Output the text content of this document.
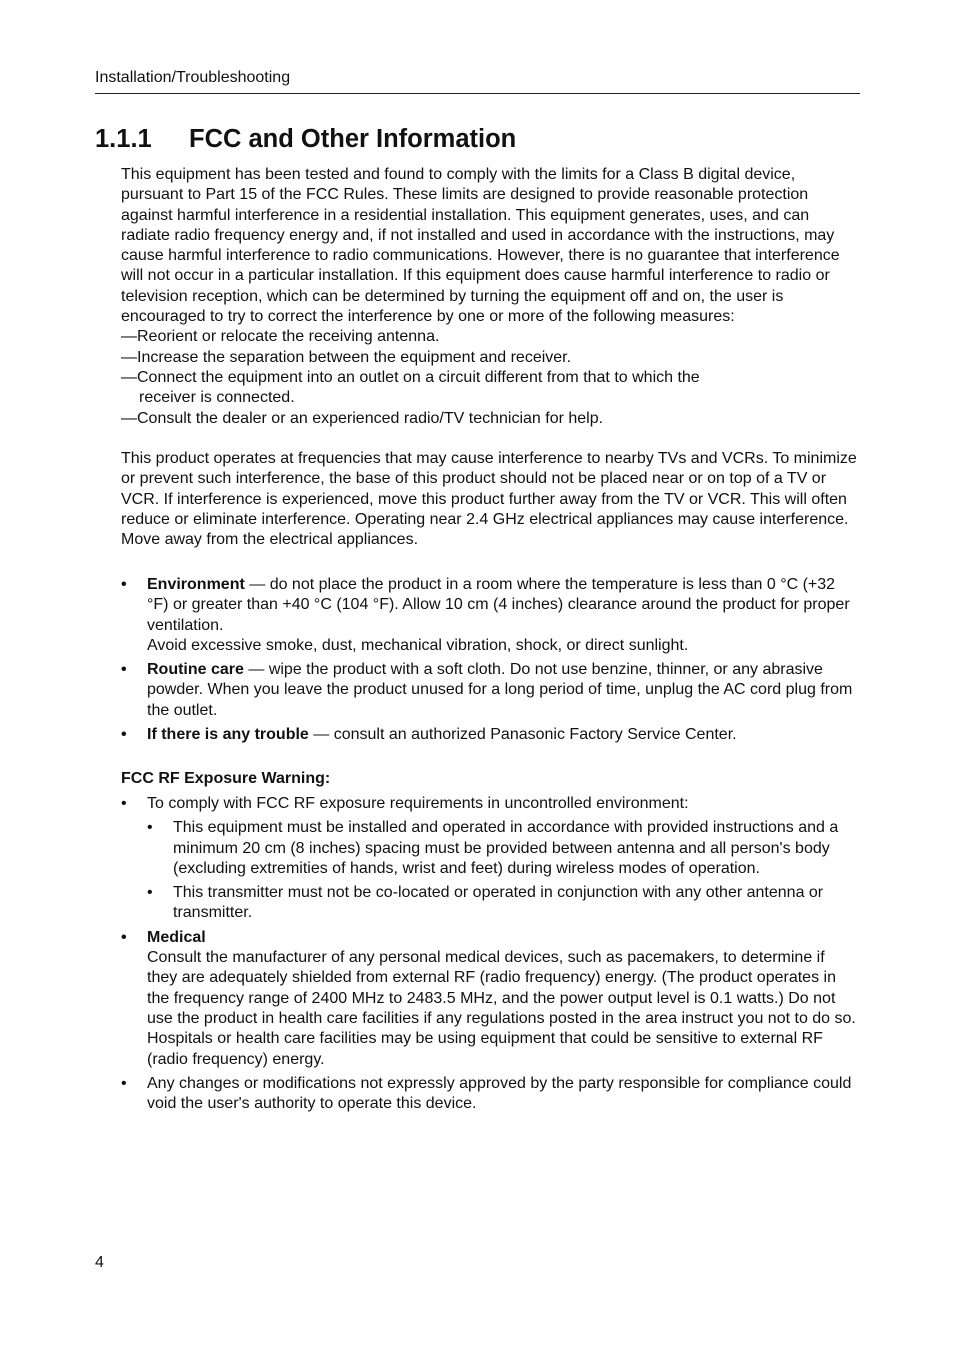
Installation/Troubleshooting
1.1.1 FCC and Other Information

This equipment has been tested and found to comply with the limits for a Class B digital device, pursuant to Part 15 of the FCC Rules. These limits are designed to provide reasonable protection against harmful interference in a residential installation. This equipment generates, uses, and can radiate radio frequency energy and, if not installed and used in accordance with the instructions, may cause harmful interference to radio communications. However, there is no guarantee that interference will not occur in a particular installation. If this equipment does cause harmful interference to radio or television reception, which can be determined by turning the equipment off and on, the user is encouraged to try to correct the interference by one or more of the following measures:

—Reorient or relocate the receiving antenna.

—Increase the separation between the equipment and receiver.

—Connect the equipment into an outlet on a circuit different from that to which the

receiver is connected.

—Consult the dealer or an experienced radio/TV technician for help.

This product operates at frequencies that may cause interference to nearby TVs and VCRs. To minimize or prevent such interference, the base of this product should not be placed near or on top of a TV or VCR. If interference is experienced, move this product further away from the TV or VCR. This will often reduce or eliminate interference. Operating near 2.4 GHz electrical appliances may cause interference. Move away from the electrical appliances.

• Environment — do not place the product in a room where the temperature is less than 0 °C (+32 °F) or greater than +40 °C (104 °F). Allow 10 cm (4 inches) clearance around the product for proper ventilation.
Avoid excessive smoke, dust, mechanical vibration, shock, or direct sunlight.
• Routine care — wipe the product with a soft cloth. Do not use benzine, thinner, or any abrasive powder. When you leave the product unused for a long period of time, unplug the AC cord plug from the outlet.
• If there is any trouble — consult an authorized Panasonic Factory Service Center.
FCC RF Exposure Warning:
• To comply with FCC RF exposure requirements in uncontrolled environment:
• This equipment must be installed and operated in accordance with provided instructions and a minimum 20 cm (8 inches) spacing must be provided between antenna and all person's body (excluding extremities of hands, wrist and feet) during wireless modes of operation.
• This transmitter must not be co-located or operated in conjunction with any other antenna or transmitter.
• Medical
Consult the manufacturer of any personal medical devices, such as pacemakers, to determine if they are adequately shielded from external RF (radio frequency) energy. (The product operates in the frequency range of 2400 MHz to 2483.5 MHz, and the power output level is 0.1 watts.) Do not use the product in health care facilities if any regulations posted in the area instruct you not to do so. Hospitals or health care facilities may be using equipment that could be sensitive to external RF (radio frequency) energy.
• Any changes or modifications not expressly approved by the party responsible for compliance could void the user's authority to operate this device.
4
